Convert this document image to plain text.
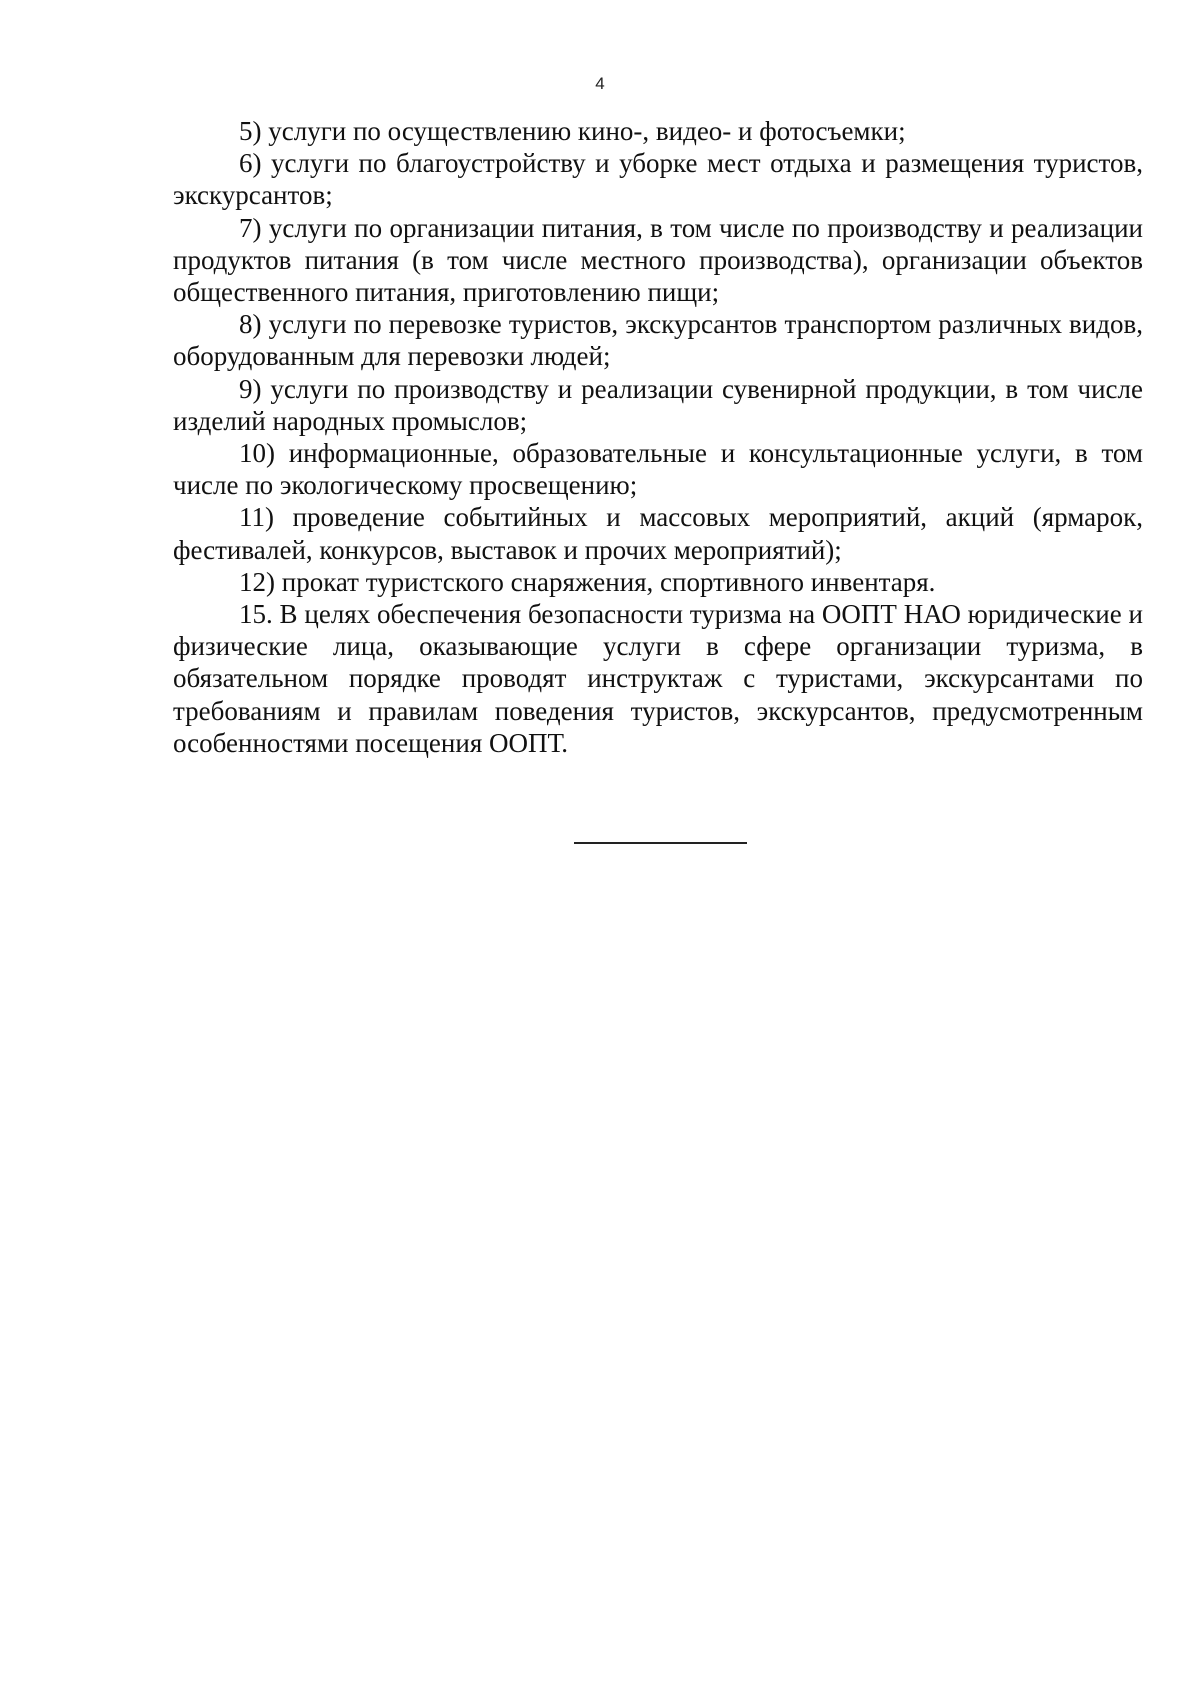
4

5) услуги по осуществлению кино-, видео- и фотосъемки;

6) услуги по благоустройству и уборке мест отдыха и размещения туристов, экскурсантов;

7) услуги по организации питания, в том числе по производству и реализации продуктов питания (в том числе местного производства), организации объектов общественного питания, приготовлению пищи;

8) услуги по перевозке туристов, экскурсантов транспортом различных видов, оборудованным для перевозки людей;

9) услуги по производству и реализации сувенирной продукции, в том числе изделий народных промыслов;

10) информационные, образовательные и консультационные услуги, в том числе по экологическому просвещению;

11) проведение событийных и массовых мероприятий, акций (ярмарок, фестивалей, конкурсов, выставок и прочих мероприятий);

12) прокат туристского снаряжения, спортивного инвентаря.

15. В целях обеспечения безопасности туризма на ООПТ НАО юридические и физические лица, оказывающие услуги в сфере организации туризма, в обязательном порядке проводят инструктаж с туристами, экскурсантами по требованиям и правилам поведения туристов, экскурсантов, предусмотренным особенностями посещения ООПТ.
